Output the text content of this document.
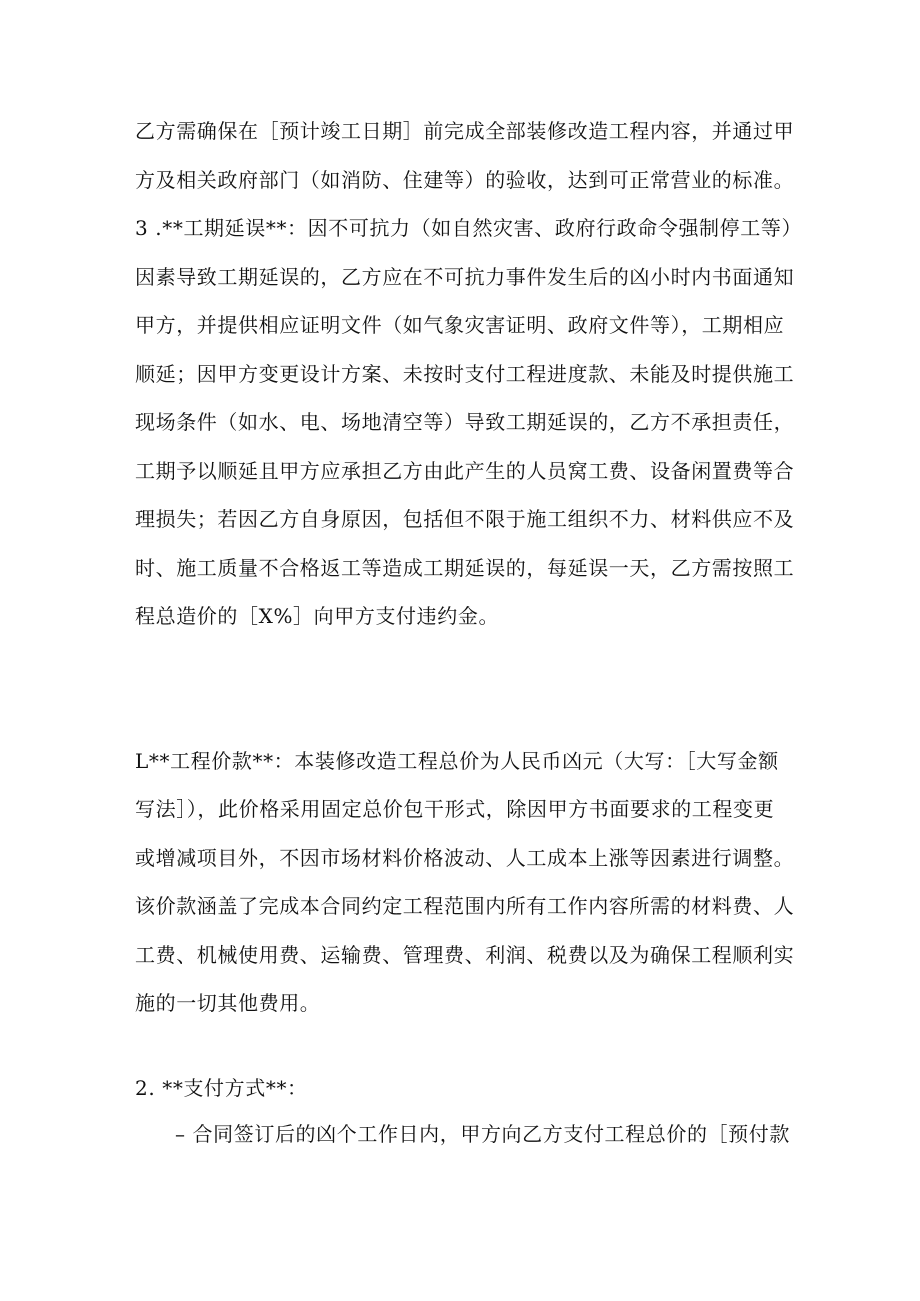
乙方需确保在［预计竣工日期］前完成全部装修改造工程内容，并通过甲
方及相关政府部门（如消防、住建等）的验收，达到可正常营业的标准。
3 .**工期延误**：因不可抗力（如自然灾害、政府行政命令强制停工等）
因素导致工期延误的，乙方应在不可抗力事件发生后的凶小时内书面通知
甲方，并提供相应证明文件（如气象灾害证明、政府文件等），工期相应
顺延；因甲方变更设计方案、未按时支付工程进度款、未能及时提供施工
现场条件（如水、电、场地清空等）导致工期延误的，乙方不承担责任，
工期予以顺延且甲方应承担乙方由此产生的人员窝工费、设备闲置费等合
理损失；若因乙方自身原因，包括但不限于施工组织不力、材料供应不及
时、施工质量不合格返工等造成工期延误的，每延误一天，乙方需按照工
程总造价的［X%］向甲方支付违约金。
L**工程价款**：本装修改造工程总价为人民币凶元（大写：［大写金额
写法］），此价格采用固定总价包干形式，除因甲方书面要求的工程变更
或增减项目外，不因市场材料价格波动、人工成本上涨等因素进行调整。
该价款涵盖了完成本合同约定工程范围内所有工作内容所需的材料费、人
工费、机械使用费、运输费、管理费、利润、税费以及为确保工程顺利实
施的一切其他费用。
2. **支付方式**：
– 合同签订后的凶个工作日内，甲方向乙方支付工程总价的［预付款
